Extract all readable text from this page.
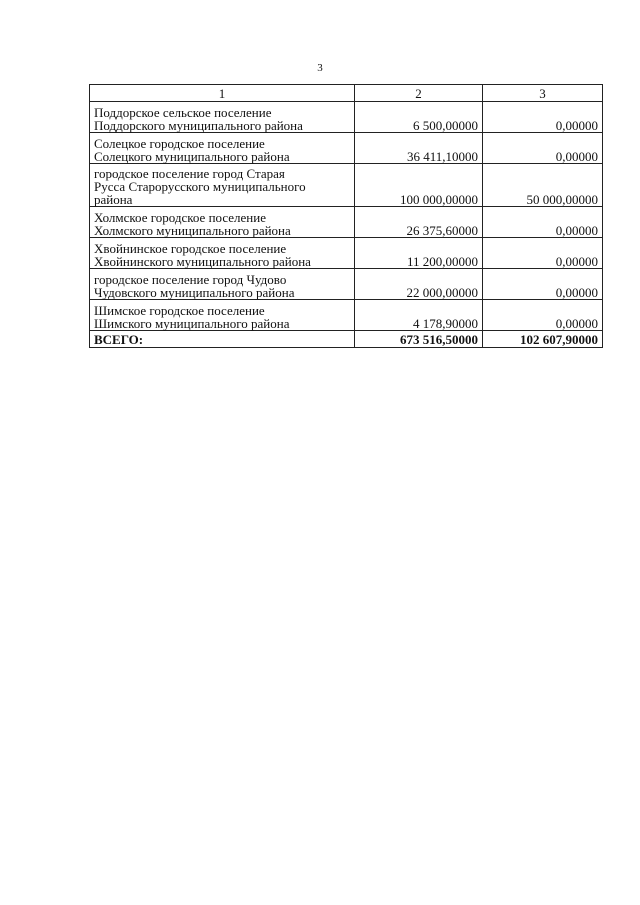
3
1	2	3

Поддорское сельское поселение
Поддорского муниципального района	6 500,00000	0,00000

Солецкое городское поселение
Солецкого муниципального района	36 411,10000	0,00000

городское поселение город Старая
Русса Старорусского муниципального
района	100 000,00000	50 000,00000

Холмское городское поселение
Холмского муниципального района	26 375,60000	0,00000

Хвойнинское городское поселение
Хвойнинского муниципального района	11 200,00000	0,00000

городское поселение город Чудово
Чудовского муниципального района	22 000,00000	0,00000

Шимское городское поселение
Шимского муниципального района	4 178,90000	0,00000
ВСЕГО:	673 516,50000	102 607,90000
